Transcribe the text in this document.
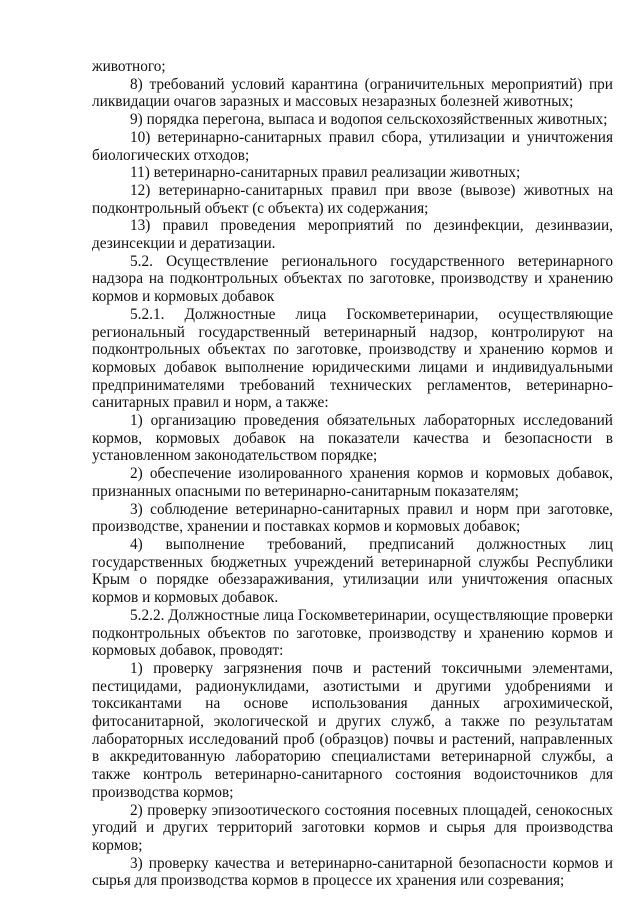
животного;

8) требований условий карантина (ограничительных мероприятий) при ликвидации очагов заразных и массовых незаразных болезней животных;

9) порядка перегона, выпаса и водопоя сельскохозяйственных животных;

10) ветеринарно-санитарных правил сбора, утилизации и уничтожения биологических отходов;

11) ветеринарно-санитарных правил реализации животных;

12) ветеринарно-санитарных правил при ввозе (вывозе) животных на подконтрольный объект (с объекта) их содержания;

13) правил проведения мероприятий по дезинфекции, дезинвазии, дезинсекции и дератизации.

5.2. Осуществление регионального государственного ветеринарного надзора на подконтрольных объектах по заготовке, производству и хранению кормов и кормовых добавок

5.2.1. Должностные лица Госкомветеринарии, осуществляющие региональный государственный ветеринарный надзор, контролируют на подконтрольных объектах по заготовке, производству и хранению кормов и кормовых добавок выполнение юридическими лицами и индивидуальными предпринимателями требований технических регламентов, ветеринарно-санитарных правил и норм, а также:

1) организацию проведения обязательных лабораторных исследований кормов, кормовых добавок на показатели качества и безопасности в установленном законодательством порядке;

2) обеспечение изолированного хранения кормов и кормовых добавок, признанных опасными по ветеринарно-санитарным показателям;

3) соблюдение ветеринарно-санитарных правил и норм при заготовке, производстве, хранении и поставках кормов и кормовых добавок;

4) выполнение требований, предписаний должностных лиц государственных бюджетных учреждений ветеринарной службы Республики Крым о порядке обеззараживания, утилизации или уничтожения опасных кормов и кормовых добавок.

5.2.2. Должностные лица Госкомветеринарии, осуществляющие проверки подконтрольных объектов по заготовке, производству и хранению кормов и кормовых добавок, проводят:

1) проверку загрязнения почв и растений токсичными элементами, пестицидами, радионуклидами, азотистыми и другими удобрениями и токсикантами на основе использования данных агрохимической, фитосанитарной, экологической и других служб, а также по результатам лабораторных исследований проб (образцов) почвы и растений, направленных в аккредитованную лабораторию специалистами ветеринарной службы, а также контроль ветеринарно-санитарного состояния водоисточников для производства кормов;

2) проверку эпизоотического состояния посевных площадей, сенокосных угодий и других территорий заготовки кормов и сырья для производства кормов;

3) проверку качества и ветеринарно-санитарной безопасности кормов и сырья для производства кормов в процессе их хранения или созревания;
